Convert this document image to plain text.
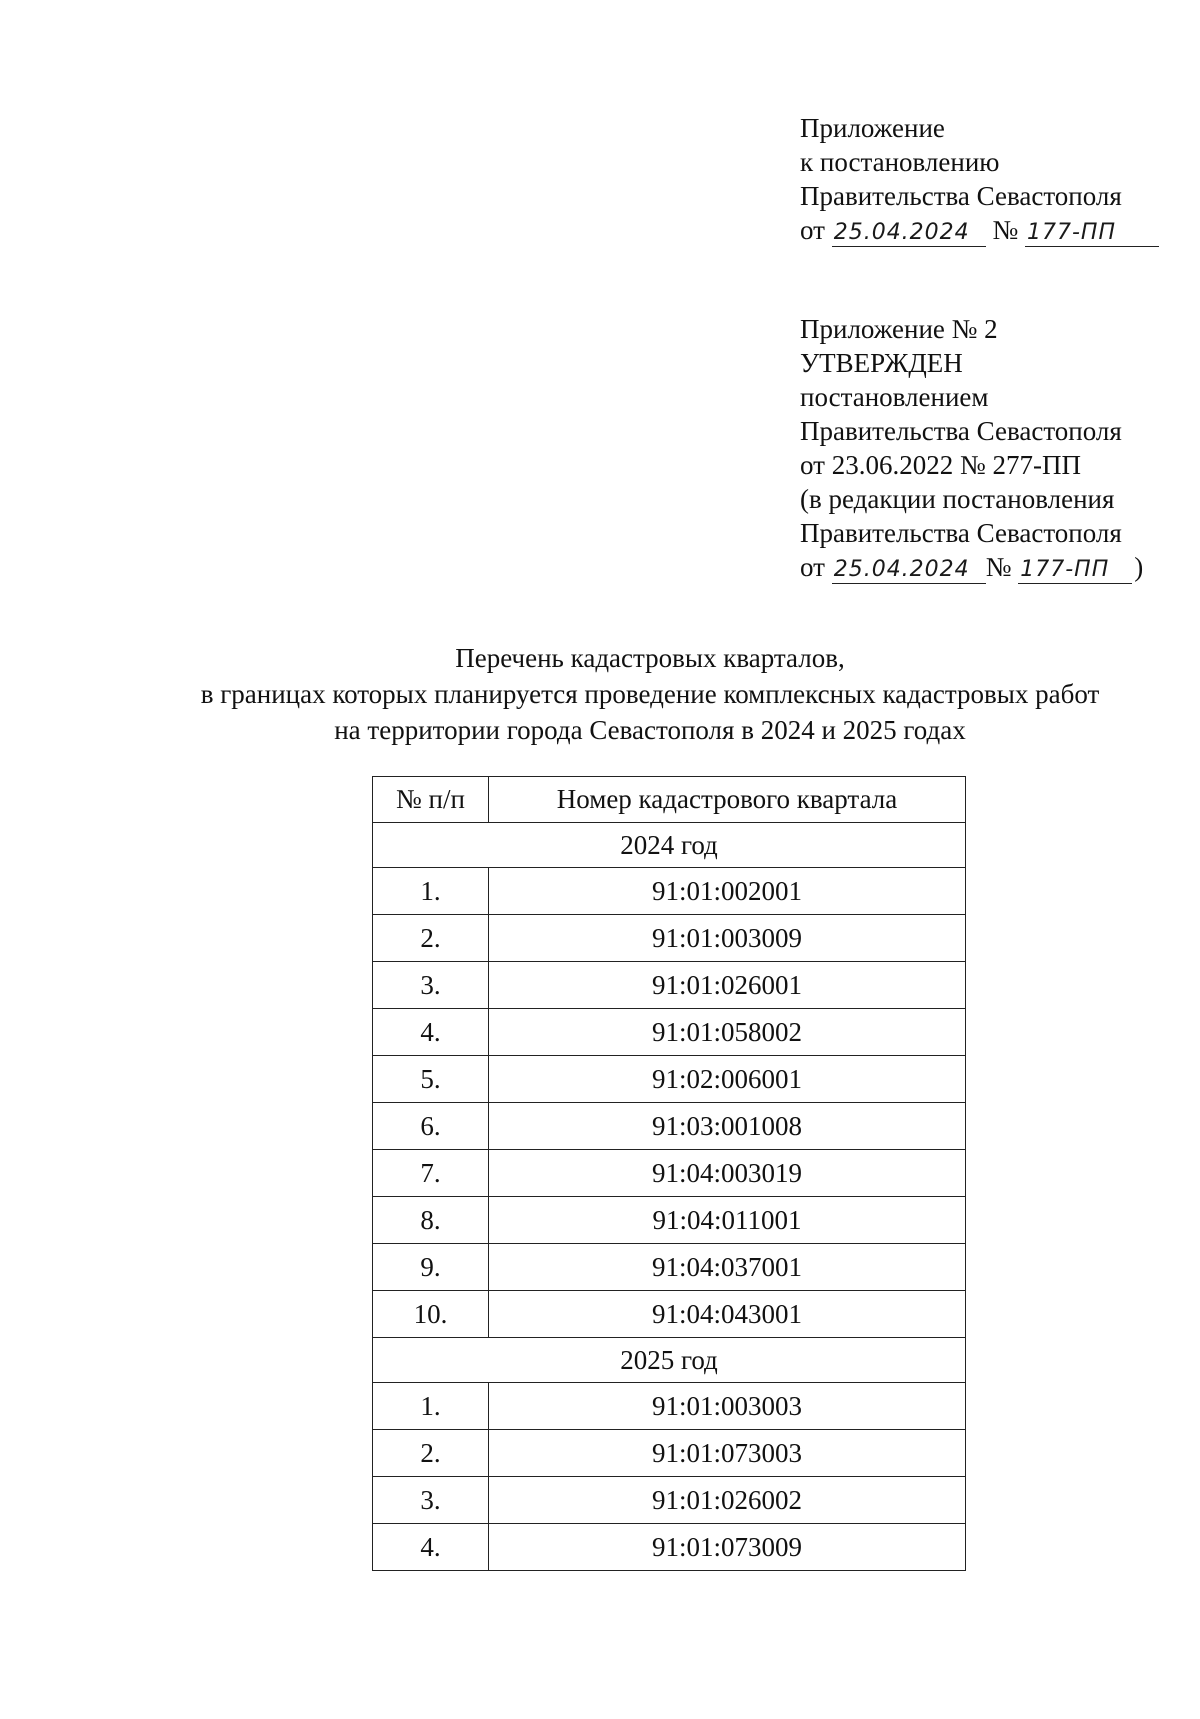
Приложение
к постановлению
Правительства Севастополя
от 25.04.2024 № 177-ПП
Приложение № 2
УТВЕРЖДЕН
постановлением
Правительства Севастополя
от 23.06.2022 № 277-ПП
(в редакции постановления
Правительства Севастополя
от 25.04.2024 № 177-ПП )
Перечень кадастровых кварталов,
в границах которых планируется проведение комплексных кадастровых работ
на территории города Севастополя в 2024 и 2025 годах
№ п/п	Номер кадастрового квартала
2024 год	
1.	91:01:002001
2.	91:01:003009
3.	91:01:026001
4.	91:01:058002
5.	91:02:006001
6.	91:03:001008
7.	91:04:003019
8.	91:04:011001
9.	91:04:037001
10.	91:04:043001
2025 год	
1.	91:01:003003
2.	91:01:073003
3.	91:01:026002
4.	91:01:073009
